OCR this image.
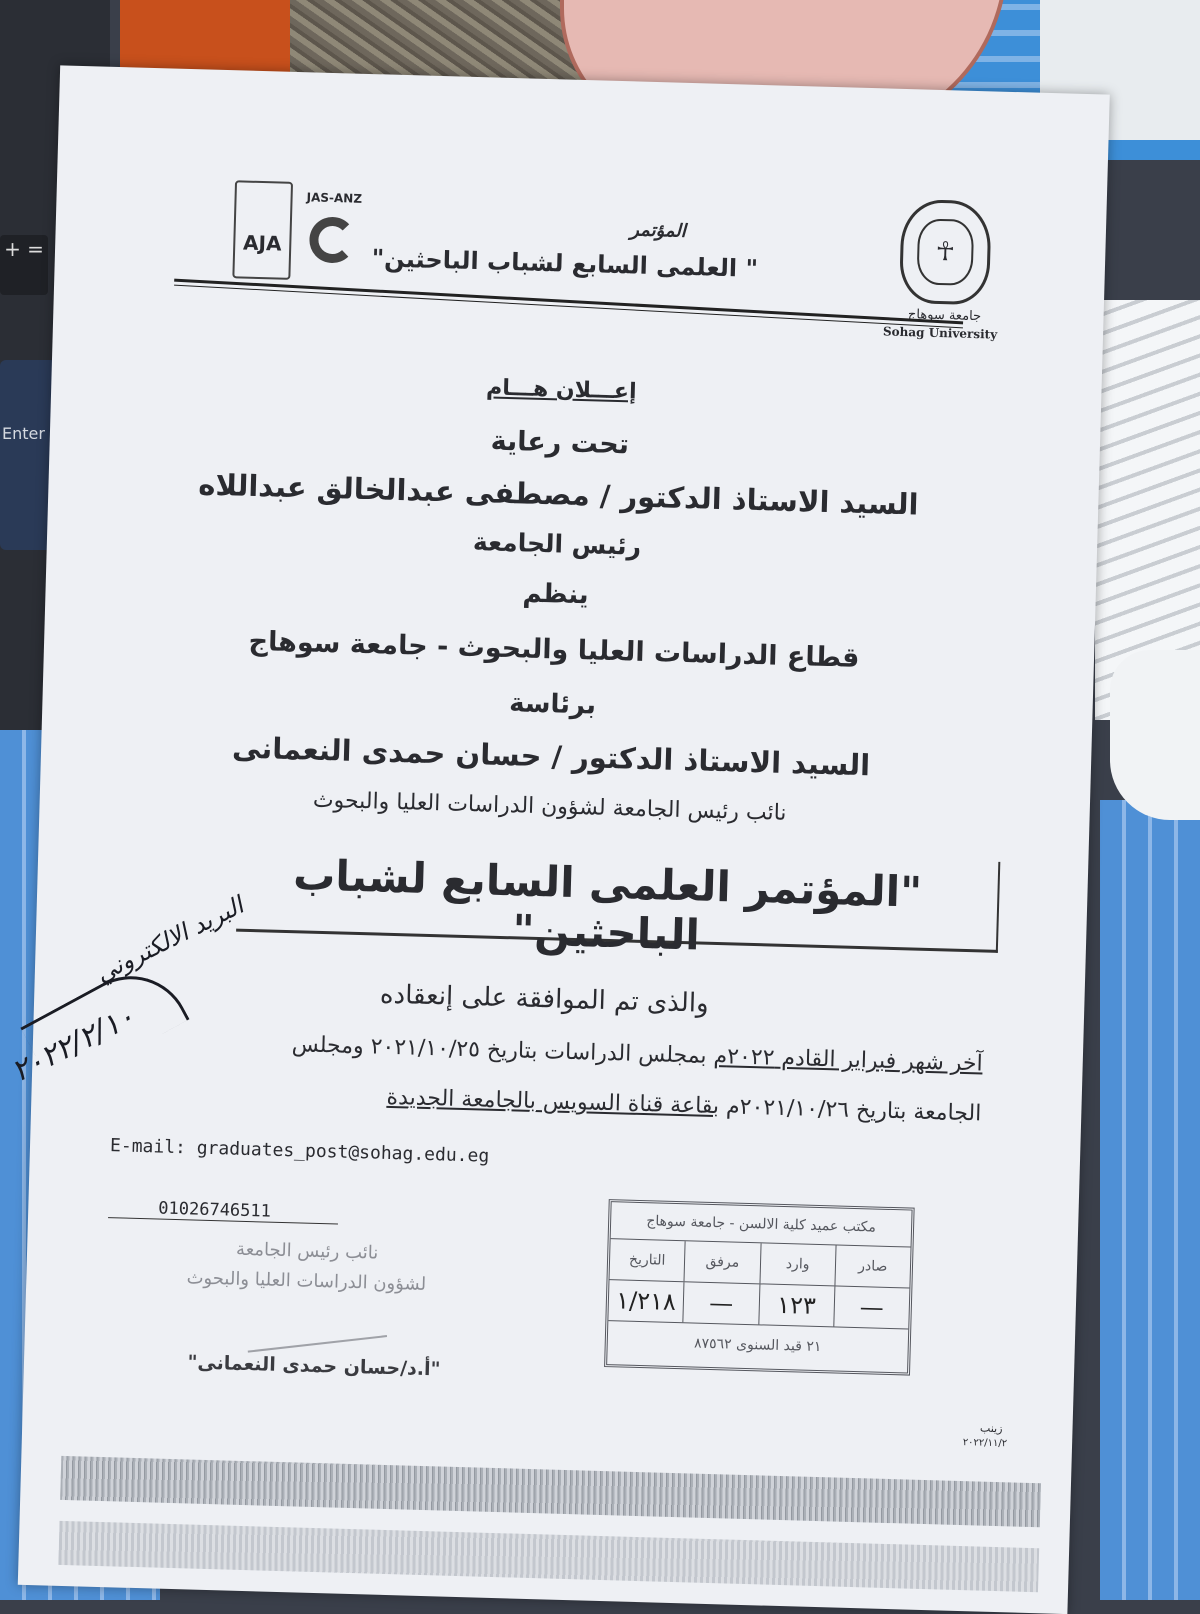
+ =
Enter
AJA
JAS-ANZ
المؤتمر
" العلمى السابع لشباب الباحثين"	☥
جامعة سوهاج
Sohag University
إعـــلان هـــام
تحت رعاية
السيد الاستاذ الدكتور / مصطفى عبدالخالق عبداللاه
رئيس الجامعة
ينظم
قطاع الدراسات العليا والبحوث - جامعة سوهاج
برئاسة
السيد الاستاذ الدكتور / حسان حمدى النعمانى
نائب رئيس الجامعة لشؤون الدراسات العليا والبحوث
"المؤتمر العلمى السابع لشباب الباحثين"
والذى تم الموافقة على إنعقاده
آخر شهر فبراير القادم ٢٠٢٢م بمجلس الدراسات بتاريخ ٢٠٢١/١٠/٢٥ ومجلس
الجامعة بتاريخ ٢٠٢١/١٠/٢٦م بقاعة قناة السويس بالجامعة الجديدة
E-mail: graduates_post@sohag.edu.eg
01026746511
نائب رئيس الجامعة
لشؤون الدراسات العليا والبحوث
"أ.د/حسان حمدى النعمانى"
مكتب عميد كلية الالسن - جامعة سوهاج
صادر
وارد
مرفق
التاريخ
—
١٢٣
—
١/٢١٨
٢١ قيد السنوى ٨٧٥٦٢
البريد الالكتروني
٢٠٢٢/٢/١٠
زينب
٢٠٢٢/١١/٢
